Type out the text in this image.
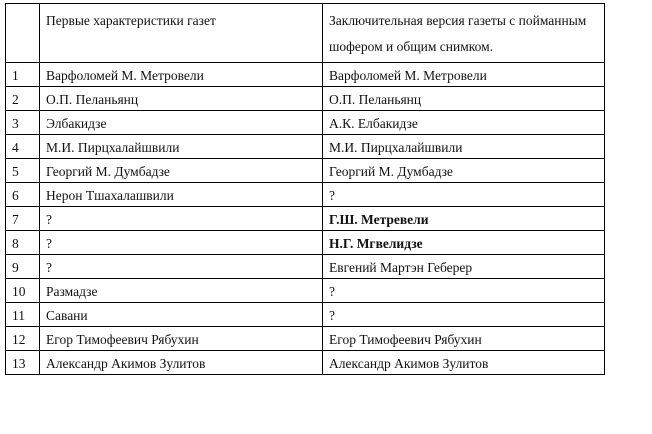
	Первые характеристики газет	Заключительная версия газеты с пойманным шофером и общим снимком.
1	Варфоломей М. Метровели	Варфоломей М. Метровели
2	О.П. Пеланьянц	О.П. Пеланьянц
3	Элбакидзе	А.К. Елбакидзе
4	М.И. Пирцхалайшвили	М.И. Пирцхалайшвили
5	Георгий М. Думбадзе	Георгий М. Думбадзе
6	Нерон Тшахалашвили	?
7	?	Г.Ш. Метревели
8	?	Н.Г. Мгвелидзе
9	?	Евгений Мартэн Геберер
10	Размадзе	?
11	Савани	?
12	Егор Тимофеевич Рябухин	Егор Тимофеевич Рябухин
13	Александр Акимов Зулитов	Александр Акимов Зулитов
